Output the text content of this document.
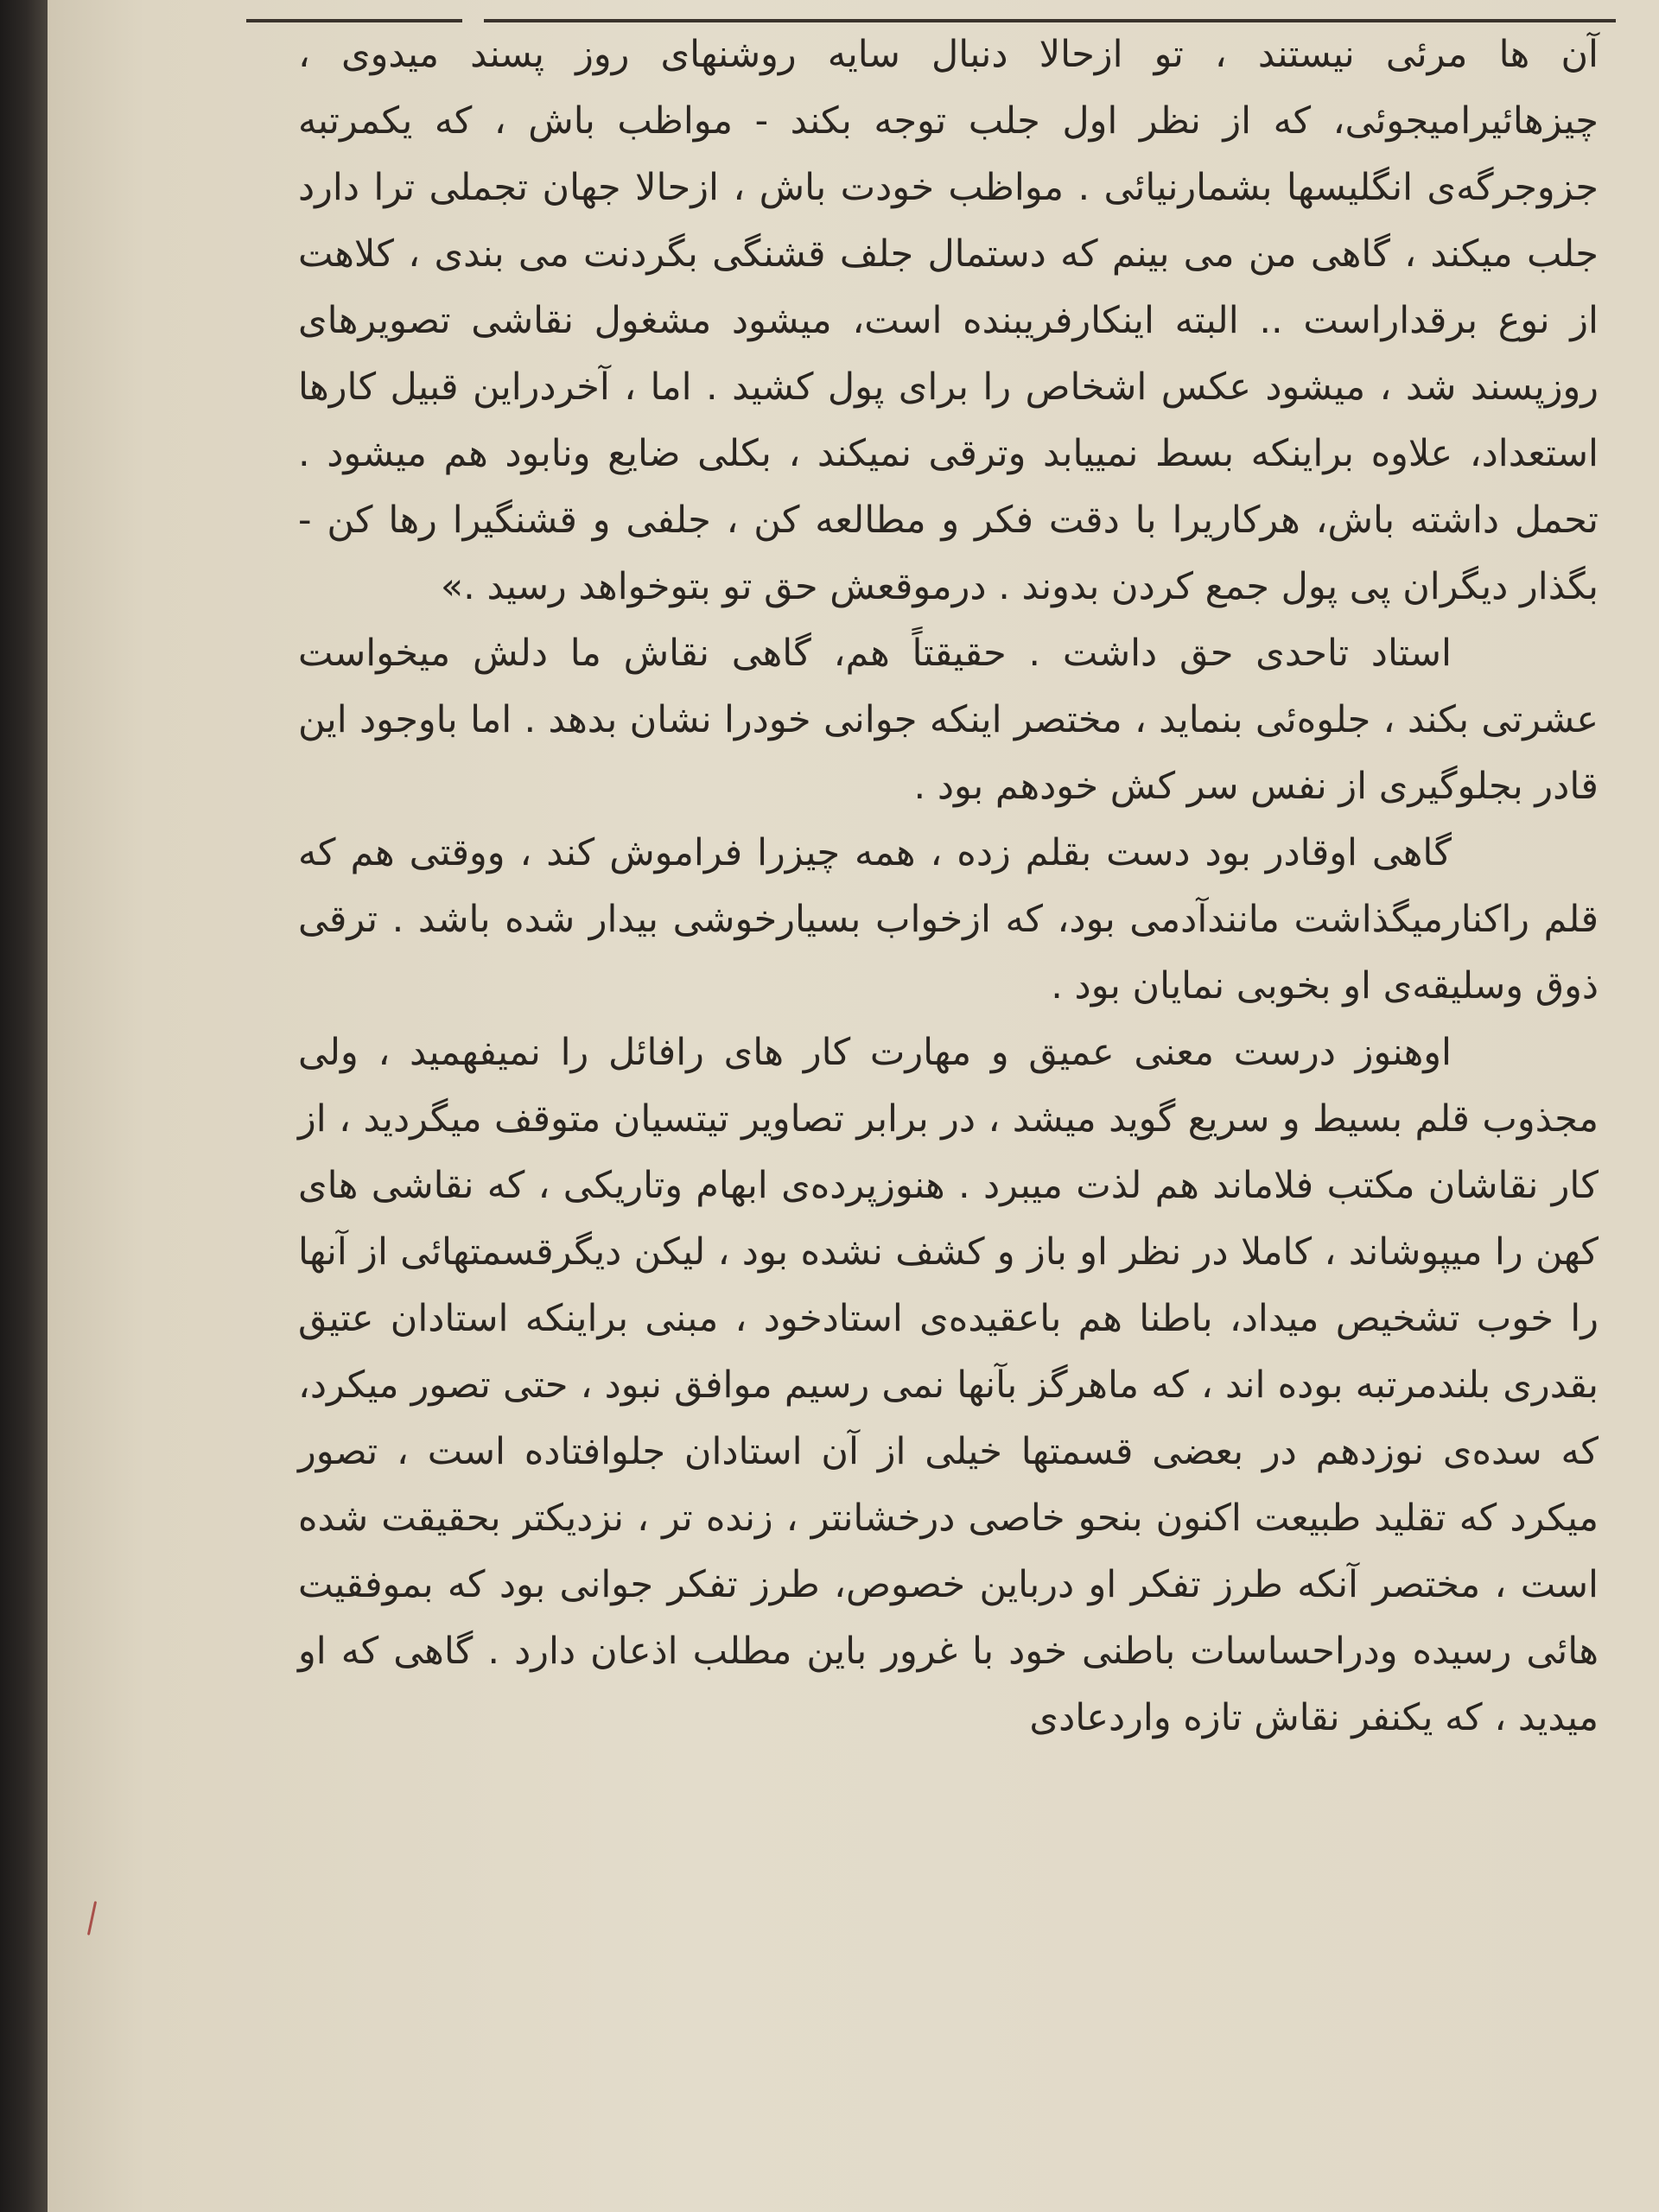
آن ها مرئی نیستند ، تو ازحالا دنبال سایه روشنهای روز پسند میدوی ، چیزهائیرامیجوئی، که از نظر اول جلب توجه بکند - مواظب باش ، که یکمرتبه جزوجرگه‌ی انگلیسها بشمارنیائی . مواظب خودت باش ، ازحالا جهان تجملی ترا دارد جلب میکند ، گاهی من می بینم که دستمال جلف قشنگی بگردنت می بندی ، کلاهت از نوع برقداراست .. البته اینکارفریبنده است، میشود مشغول نقاشی تصویرهای روزپسند شد ، میشود عکس اشخاص را برای پول کشید . اما ، آخردراین قبیل کارها استعداد، علاوه براینکه بسط نمییابد وترقی نمیکند ، بکلی ضایع ونابود هم میشود . تحمل داشته باش، هرکاریرا با دقت فکر و مطالعه کن ، جلفی و قشنگیرا رها کن - بگذار دیگران پی پول جمع کردن بدوند . درموقعش حق تو بتوخواهد رسید .»

استاد تاحدی حق داشت . حقیقتاً هم، گاهی نقاش ما دلش میخواست عشرتی بکند ، جلوه‌ئی بنماید ، مختصر اینکه جوانی خودرا نشان بدهد . اما باوجود این قادر بجلوگیری از نفس سر کش خودهم بود .

گاهی اوقادر بود دست بقلم زده ، همه چیزرا فراموش کند ، ووقتی هم که قلم راکنارمیگذاشت مانندآدمی بود، که ازخواب بسیارخوشی بیدار شده باشد . ترقی ذوق وسلیقه‌ی او بخوبی نمایان بود .

اوهنوز درست معنی عمیق و مهارت کار های رافائل را نمیفهمید ، ولی مجذوب قلم بسیط و سریع گوید میشد ، در برابر تصاویر تیتسیان متوقف میگردید ، از کار نقاشان مکتب فلاماند هم لذت میبرد . هنوزپرده‌ی ابهام وتاریکی ، که نقاشی های کهن را میپوشاند ، کاملا در نظر او باز و کشف نشده بود ، لیکن دیگرقسمتهائی از آنها را خوب تشخیص میداد، باطنا هم باعقیده‌ی استادخود ، مبنی براینکه استادان عتیق بقدری بلندمرتبه بوده اند ، که ماهرگز بآنها نمی رسیم موافق نبود ، حتی تصور میکرد، که سده‌ی نوزدهم در بعضی قسمتها خیلی از آن استادان جلوافتاده است ، تصور میکرد که تقلید طبیعت اکنون بنحو خاصی درخشانتر ، زنده تر ، نزدیکتر بحقیقت شده است ، مختصر آنکه طرز تفکر او درباین خصوص، طرز تفکر جوانی بود که بموفقیت هائی رسیده ودراحساسات باطنی خود با غرور باین مطلب اذعان دارد . گاهی که او میدید ، که یکنفر نقاش تازه واردعادی
